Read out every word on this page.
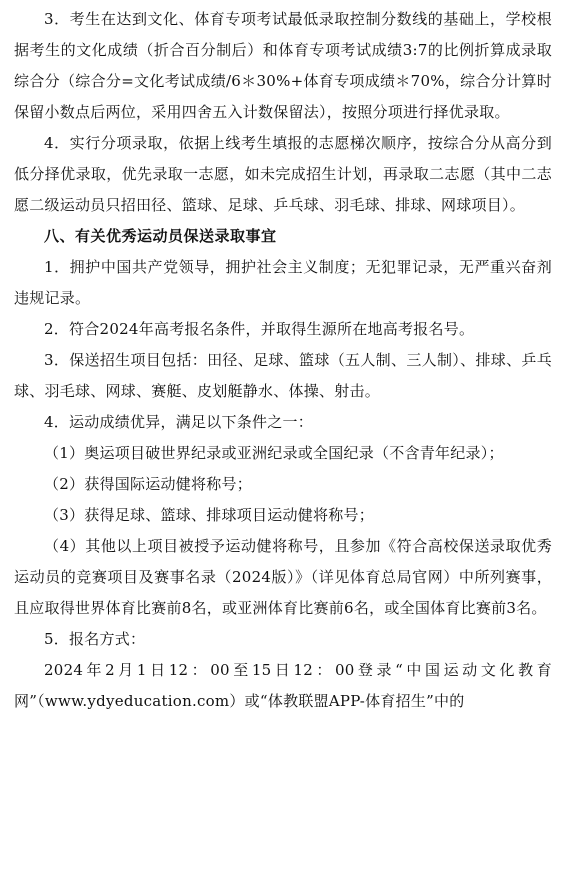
3．考生在达到文化、体育专项考试最低录取控制分数线的基础上，学校根据考生的文化成绩（折合百分制后）和体育专项考试成绩3:7的比例折算成录取综合分（综合分=文化考试成绩/6＊30%+体育专项成绩＊70%，综合分计算时保留小数点后两位，采用四舍五入计数保留法），按照分项进行择优录取。

4．实行分项录取，依据上线考生填报的志愿梯次顺序，按综合分从高分到低分择优录取，优先录取一志愿，如未完成招生计划，再录取二志愿（其中二志愿二级运动员只招田径、篮球、足球、乒乓球、羽毛球、排球、网球项目）。

八、有关优秀运动员保送录取事宜

1．拥护中国共产党领导，拥护社会主义制度；无犯罪记录，无严重兴奋剂违规记录。

2．符合2024年高考报名条件，并取得生源所在地高考报名号。

3．保送招生项目包括：田径、足球、篮球（五人制、三人制）、排球、乒乓球、羽毛球、网球、赛艇、皮划艇静水、体操、射击。

4．运动成绩优异，满足以下条件之一：

（1）奥运项目破世界纪录或亚洲纪录或全国纪录（不含青年纪录）；

（2）获得国际运动健将称号；

（3）获得足球、篮球、排球项目运动健将称号；

（4）其他以上项目被授予运动健将称号，且参加《符合高校保送录取优秀运动员的竞赛项目及赛事名录（2024版）》（详见体育总局官网）中所列赛事，且应取得世界体育比赛前8名，或亚洲体育比赛前6名，或全国体育比赛前3名。

5．报名方式：

2024年2月1日12：00至15日12：00登录“中国运动文化教育网”（www.ydyeducation.com）或“体教联盟APP-体育招生”中的
